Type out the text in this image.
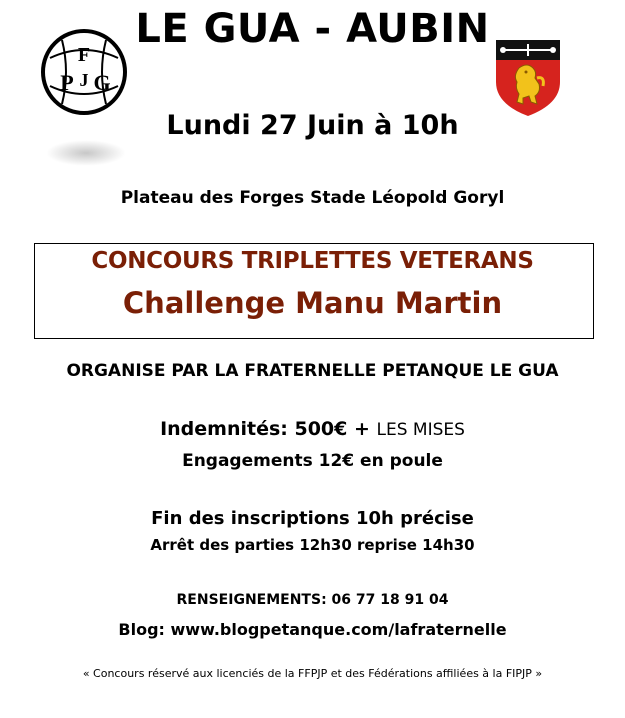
LE GUA - AUBIN
F
P J G
Lundi 27 Juin à 10h
Plateau des Forges Stade Léopold Goryl
CONCOURS TRIPLETTES VETERANS
Challenge Manu Martin
ORGANISE PAR LA FRATERNELLE PETANQUE LE GUA
Indemnités: 500€ + LES MISES
Engagements 12€ en poule
Fin des inscriptions 10h précise
Arrêt des parties 12h30 reprise 14h30
RENSEIGNEMENTS: 06 77 18 91 04
Blog: www.blogpetanque.com/lafraternelle
« Concours réservé aux licenciés de la FFPJP et des Fédérations affiliées à la FIPJP »
